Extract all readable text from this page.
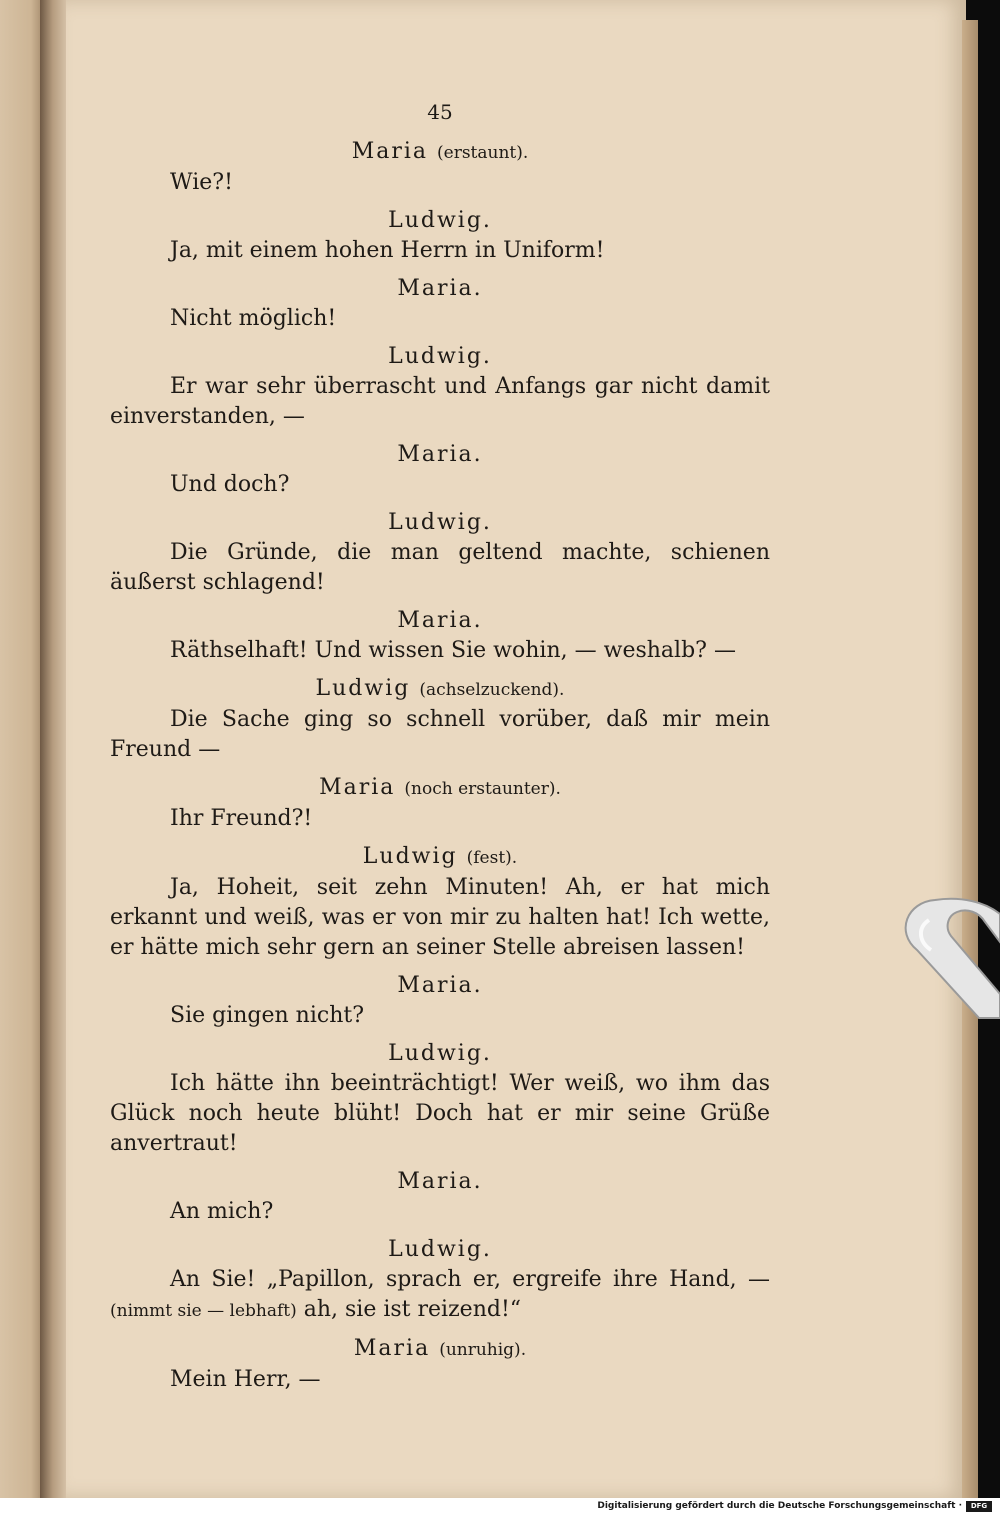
45
Maria (erstaunt).
Wie?!
Ludwig.
Ja, mit einem hohen Herrn in Uniform!
Maria.
Nicht möglich!
Ludwig.
Er war sehr überrascht und Anfangs gar nicht damit einverstanden, —
Maria.
Und doch?
Ludwig.
Die Gründe, die man geltend machte, schienen äußerst schlagend!
Maria.
Räthselhaft! Und wissen Sie wohin, — weshalb? —
Ludwig (achselzuckend).
Die Sache ging so schnell vorüber, daß mir mein Freund —
Maria (noch erstaunter).
Ihr Freund?!
Ludwig (fest).
Ja, Hoheit, seit zehn Minuten! Ah, er hat mich erkannt und weiß, was er von mir zu halten hat! Ich wette, er hätte mich sehr gern an seiner Stelle abreisen lassen!
Maria.
Sie gingen nicht?
Ludwig.
Ich hätte ihn beeinträchtigt! Wer weiß, wo ihm das Glück noch heute blüht! Doch hat er mir seine Grüße anvertraut!
Maria.
An mich?
Ludwig.
An Sie! „Papillon, sprach er, ergreife ihre Hand, — (nimmt sie — lebhaft) ah, sie ist reizend!“
Maria (unruhig).
Mein Herr, —
Digitalisierung gefördert durch die Deutsche Forschungsgemeinschaft ·	DFG
